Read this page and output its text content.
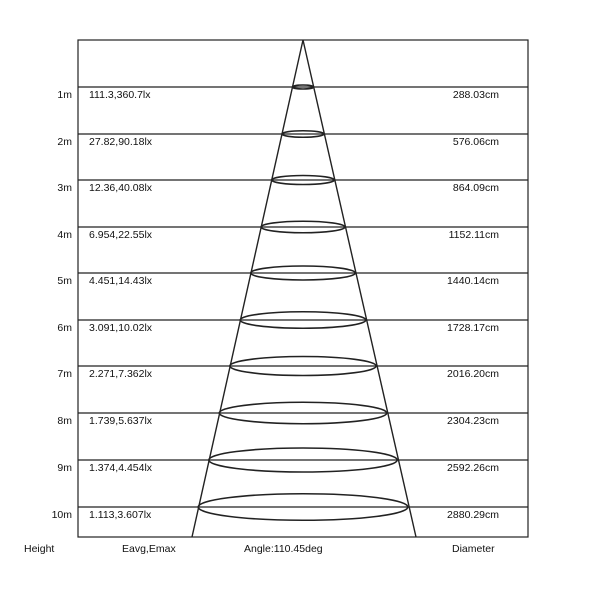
1m 111.3,360.7lx	288.03cm
2m 27.82,90.18lx	576.06cm
3m 12.36,40.08lx	864.09cm
4m 6.954,22.55lx	1152.11cm
5m 4.451,14.43lx	1440.14cm
6m 3.091,10.02lx	1728.17cm
7m 2.271,7.362lx	2016.20cm
8m 1.739,5.637lx	2304.23cm
9m 1.374,4.454lx	2592.26cm
10m 1.113,3.607lx	2880.29cm
Height	Eavg,Emax	Angle:110.45deg	Diameter
